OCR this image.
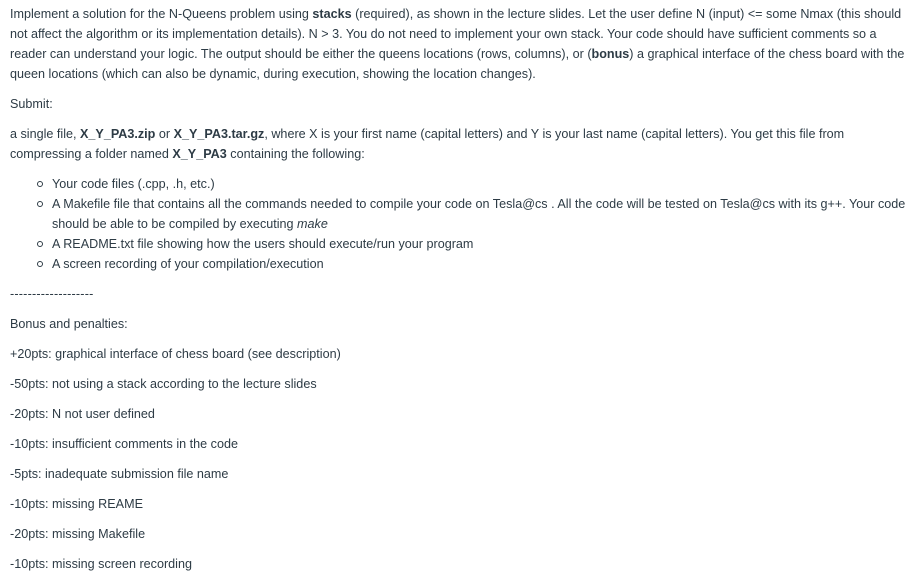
Implement a solution for the N-Queens problem using stacks (required), as shown in the lecture slides. Let the user define N (input) <= some Nmax (this should not affect the algorithm or its implementation details). N > 3. You do not need to implement your own stack. Your code should have sufficient comments so a reader can understand your logic. The output should be either the queens locations (rows, columns), or (bonus) a graphical interface of the chess board with the queen locations (which can also be dynamic, during execution, showing the location changes).

Submit:

a single file, X_Y_PA3.zip or X_Y_PA3.tar.gz, where X is your first name (capital letters) and Y is your last name (capital letters). You get this file from compressing a folder named X_Y_PA3 containing the following:

Your code files (.cpp, .h, etc.)
A Makefile file that contains all the commands needed to compile your code on Tesla@cs . All the code will be tested on Tesla@cs with its g++. Your code should be able to be compiled by executing make
A README.txt file showing how the users should execute/run your program
A screen recording of your compilation/execution

-------------------

Bonus and penalties:

+20pts: graphical interface of chess board (see description)

-50pts: not using a stack according to the lecture slides

-20pts: N not user defined

-10pts: insufficient comments in the code

-5pts: inadequate submission file name

-10pts: missing REAME

-20pts: missing Makefile

-10pts: missing screen recording
